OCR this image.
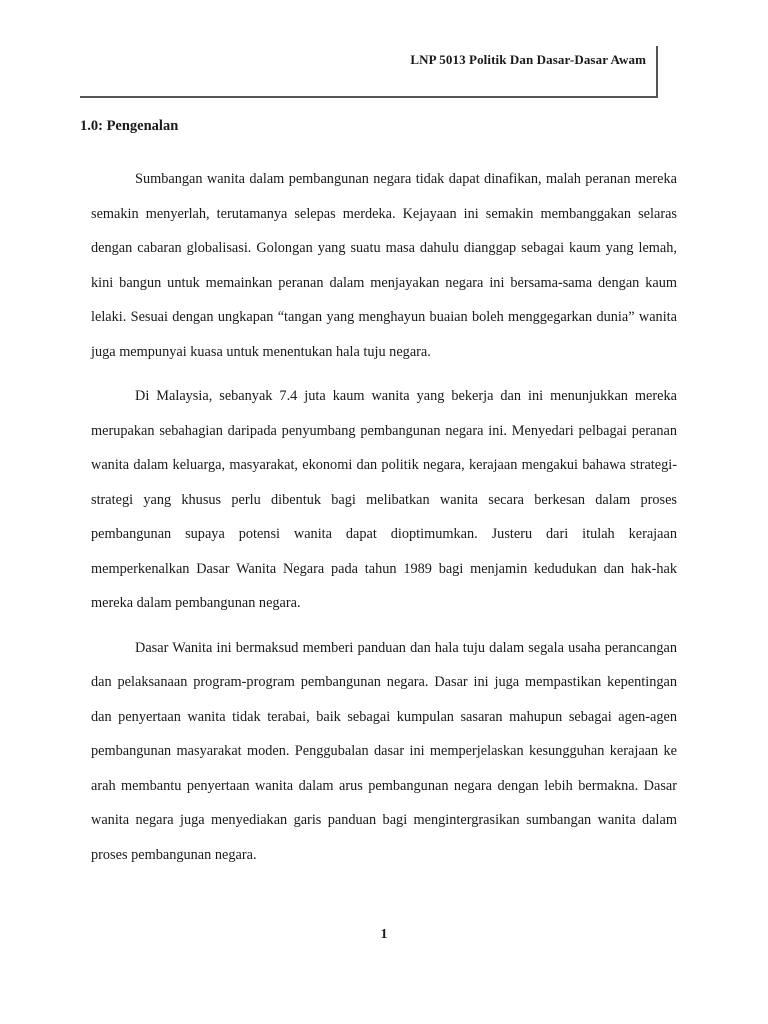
LNP 5013 Politik Dan Dasar-Dasar Awam
1.0: Pengenalan

Sumbangan wanita dalam pembangunan negara tidak dapat dinafikan, malah peranan mereka semakin menyerlah, terutamanya selepas merdeka. Kejayaan ini semakin membanggakan selaras dengan cabaran globalisasi. Golongan yang suatu masa dahulu dianggap sebagai kaum yang lemah, kini bangun untuk memainkan peranan dalam menjayakan negara ini bersama-sama dengan kaum lelaki. Sesuai dengan ungkapan “tangan yang menghayun buaian boleh menggegarkan dunia” wanita juga mempunyai kuasa untuk menentukan hala tuju negara.

Di Malaysia, sebanyak 7.4 juta kaum wanita yang bekerja dan ini menunjukkan mereka merupakan sebahagian daripada penyumbang pembangunan negara ini. Menyedari pelbagai peranan wanita dalam keluarga, masyarakat, ekonomi dan politik negara, kerajaan mengakui bahawa strategi-strategi yang khusus perlu dibentuk bagi melibatkan wanita secara berkesan dalam proses pembangunan supaya potensi wanita dapat dioptimumkan. Justeru dari itulah kerajaan memperkenalkan Dasar Wanita Negara pada tahun 1989 bagi menjamin kedudukan dan hak-hak mereka dalam pembangunan negara.

Dasar Wanita ini bermaksud memberi panduan dan hala tuju dalam segala usaha perancangan dan pelaksanaan program-program pembangunan negara. Dasar ini juga mempastikan kepentingan dan penyertaan wanita tidak terabai, baik sebagai kumpulan sasaran mahupun sebagai agen-agen pembangunan masyarakat moden. Penggubalan dasar ini memperjelaskan kesungguhan kerajaan ke arah membantu penyertaan wanita dalam arus pembangunan negara dengan lebih bermakna. Dasar wanita negara juga menyediakan garis panduan bagi mengintergrasikan sumbangan wanita dalam proses pembangunan negara.

1
